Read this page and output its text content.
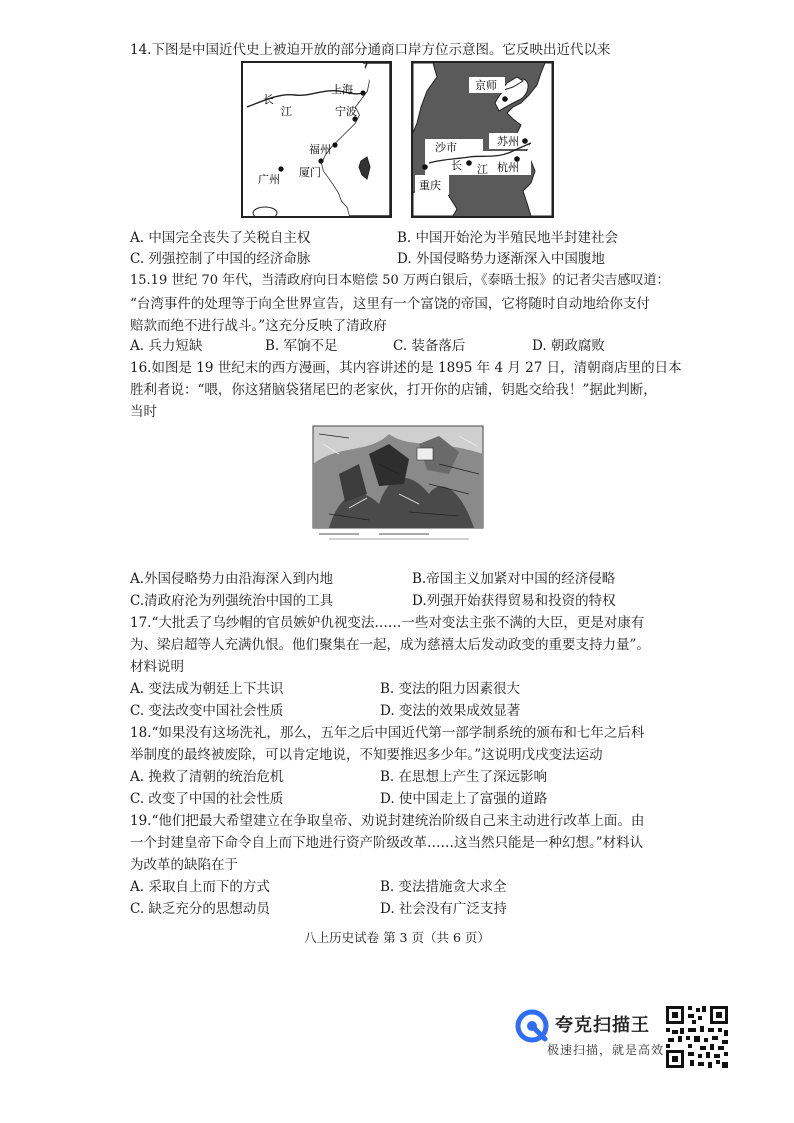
14.下图是中国近代史上被迫开放的部分通商口岸方位示意图。它反映出近代以来
长
江
上海
宁波
福州
厦门
广州
京师
苏州
沙市
杭州
重庆
长 江
A. 中国完全丧失了关税自主权	B. 中国开始沦为半殖民地半封建社会
C. 列强控制了中国的经济命脉	D. 外国侵略势力逐渐深入中国腹地
15.19 世纪 70 年代，当清政府向日本赔偿 50 万两白银后，《泰晤士报》的记者尖吉感叹道：
“台湾事件的处理等于向全世界宣告，这里有一个富饶的帝国，它将随时自动地给你支付
赔款而绝不进行战斗。”这充分反映了清政府
A. 兵力短缺	B. 军饷不足	C. 装备落后	D. 朝政腐败
16.如图是 19 世纪末的西方漫画，其内容讲述的是 1895 年 4 月 27 日，清朝商店里的日本
胜利者说：“喂，你这猪脑袋猪尾巴的老家伙，打开你的店铺，钥匙交给我！”据此判断，
当时
A.外国侵略势力由沿海深入到内地	B.帝国主义加紧对中国的经济侵略
C.清政府沦为列强统治中国的工具	D.列强开始获得贸易和投资的特权
17.“大批丢了乌纱帽的官员嫉妒仇视变法……一些对变法主张不满的大臣，更是对康有
为、梁启超等人充满仇恨。他们聚集在一起，成为慈禧太后发动政变的重要支持力量”。
材料说明
A. 变法成为朝廷上下共识	B. 变法的阻力因素很大
C. 变法改变中国社会性质	D. 变法的效果成效显著
18.“如果没有这场洗礼，那么，五年之后中国近代第一部学制系统的颁布和七年之后科
举制度的最终被废除，可以肯定地说，不知要推迟多少年。”这说明戊戌变法运动
A. 挽救了清朝的统治危机	B. 在思想上产生了深远影响
C. 改变了中国的社会性质	D. 使中国走上了富强的道路
19.“他们把最大希望建立在争取皇帝、劝说封建统治阶级自己来主动进行改革上面。由
一个封建皇帝下命令自上而下地进行资产阶级改革……这当然只能是一种幻想。”材料认
为改革的缺陷在于
A. 采取自上而下的方式	B. 变法措施贪大求全
C. 缺乏充分的思想动员	D. 社会没有广泛支持
八上历史试卷 第 3 页（共 6 页）
夸克扫描王
极速扫描，就是高效
